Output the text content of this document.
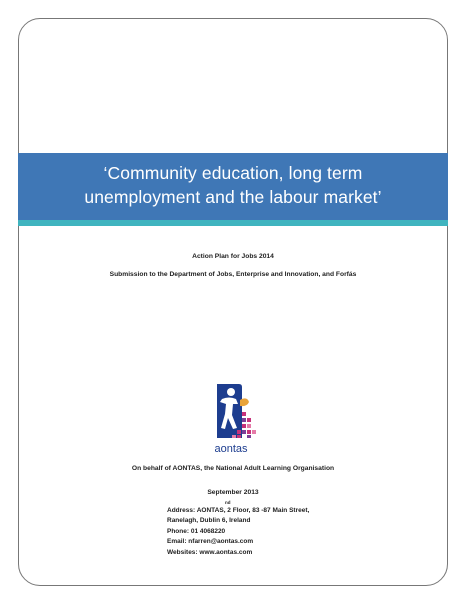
‘Community education, long term
unemployment and the labour market’
Action Plan for Jobs 2014
Submission to the Department of Jobs, Enterprise and Innovation, and Forfás
aontas
On behalf of AONTAS, the National Adult Learning Organisation
September 2013
nd
Address: AONTAS, 2 Floor, 83 -87 Main Street,
Ranelagh, Dublin 6, Ireland
Phone: 01 4068220
Email: nfarren@aontas.com
Websites: www.aontas.com
